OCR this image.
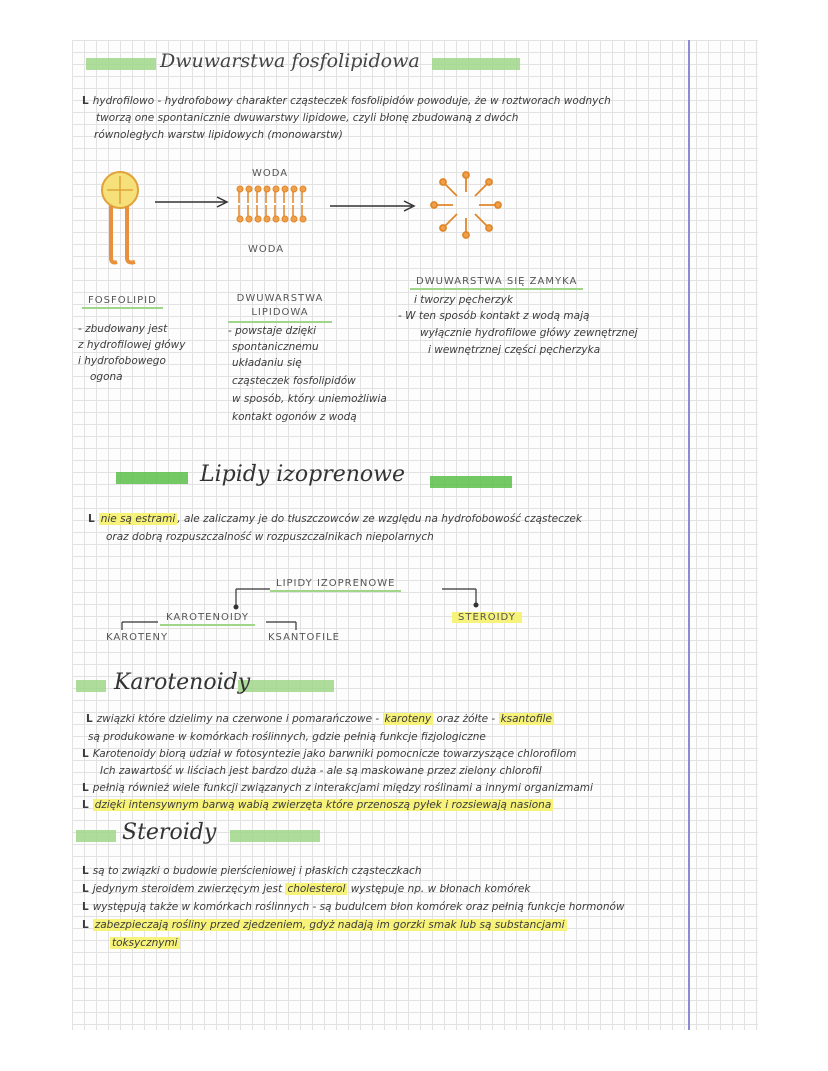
Dwuwarstwa fosfolipidowa
L hydrofilowo - hydrofobowy charakter cząsteczek fosfolipidów powoduje, że w roztworach wodnych
tworzą one spontanicznie dwuwarstwy lipidowe, czyli błonę zbudowaną z dwóch
równoległych warstw lipidowych (monowarstw)
WODA
WODA
FOSFOLIPID	DWUWARSTWA LIPIDOWA
DWUWARSTWA SIĘ ZAMYKA
- zbudowany jest
z hydrofilowej główy
i hydrofobowego
ogona
- powstaje dzięki
spontanicznemu
układaniu się
cząsteczek fosfolipidów
w sposób, który uniemożliwia
kontakt ogonów z wodą
i tworzy pęcherzyk
- W ten sposób kontakt z wodą mają
wyłącznie hydrofilowe główy zewnętrznej
i wewnętrznej części pęcherzyka
Lipidy izoprenowe
L nie są estrami , ale zaliczamy je do tłuszczowców ze względu na hydrofobowość cząsteczek
oraz dobrą rozpuszczalność w rozpuszczalnikach niepolarnych
LIPIDY IZOPRENOWE
KAROTENOIDY	STEROIDY
KAROTENY	KSANTOFILE
Karotenoidy
L związki które dzielimy na czerwone i pomarańczowe - karoteny oraz żółte - ksantofile
są produkowane w komórkach roślinnych, gdzie pełnią funkcje fizjologiczne
L Karotenoidy biorą udział w fotosyntezie jako barwniki pomocnicze towarzyszące chlorofilom
Ich zawartość w liściach jest bardzo duża - ale są maskowane przez zielony chlorofil
L pełnią również wiele funkcji związanych z interakcjami między roślinami a innymi organizmami
L dzięki intensywnym barwą wabią zwierzęta które przenoszą pyłek i rozsiewają nasiona
Steroidy
L są to związki o budowie pierścieniowej i płaskich cząsteczkach
L jedynym steroidem zwierzęcym jest cholesterol występuje np. w błonach komórek
L występują także w komórkach roślinnych - są budulcem błon komórek oraz pełnią funkcje hormonów
L zabezpieczają rośliny przed zjedzeniem, gdyż nadają im gorzki smak lub są substancjami
toksycznymi
